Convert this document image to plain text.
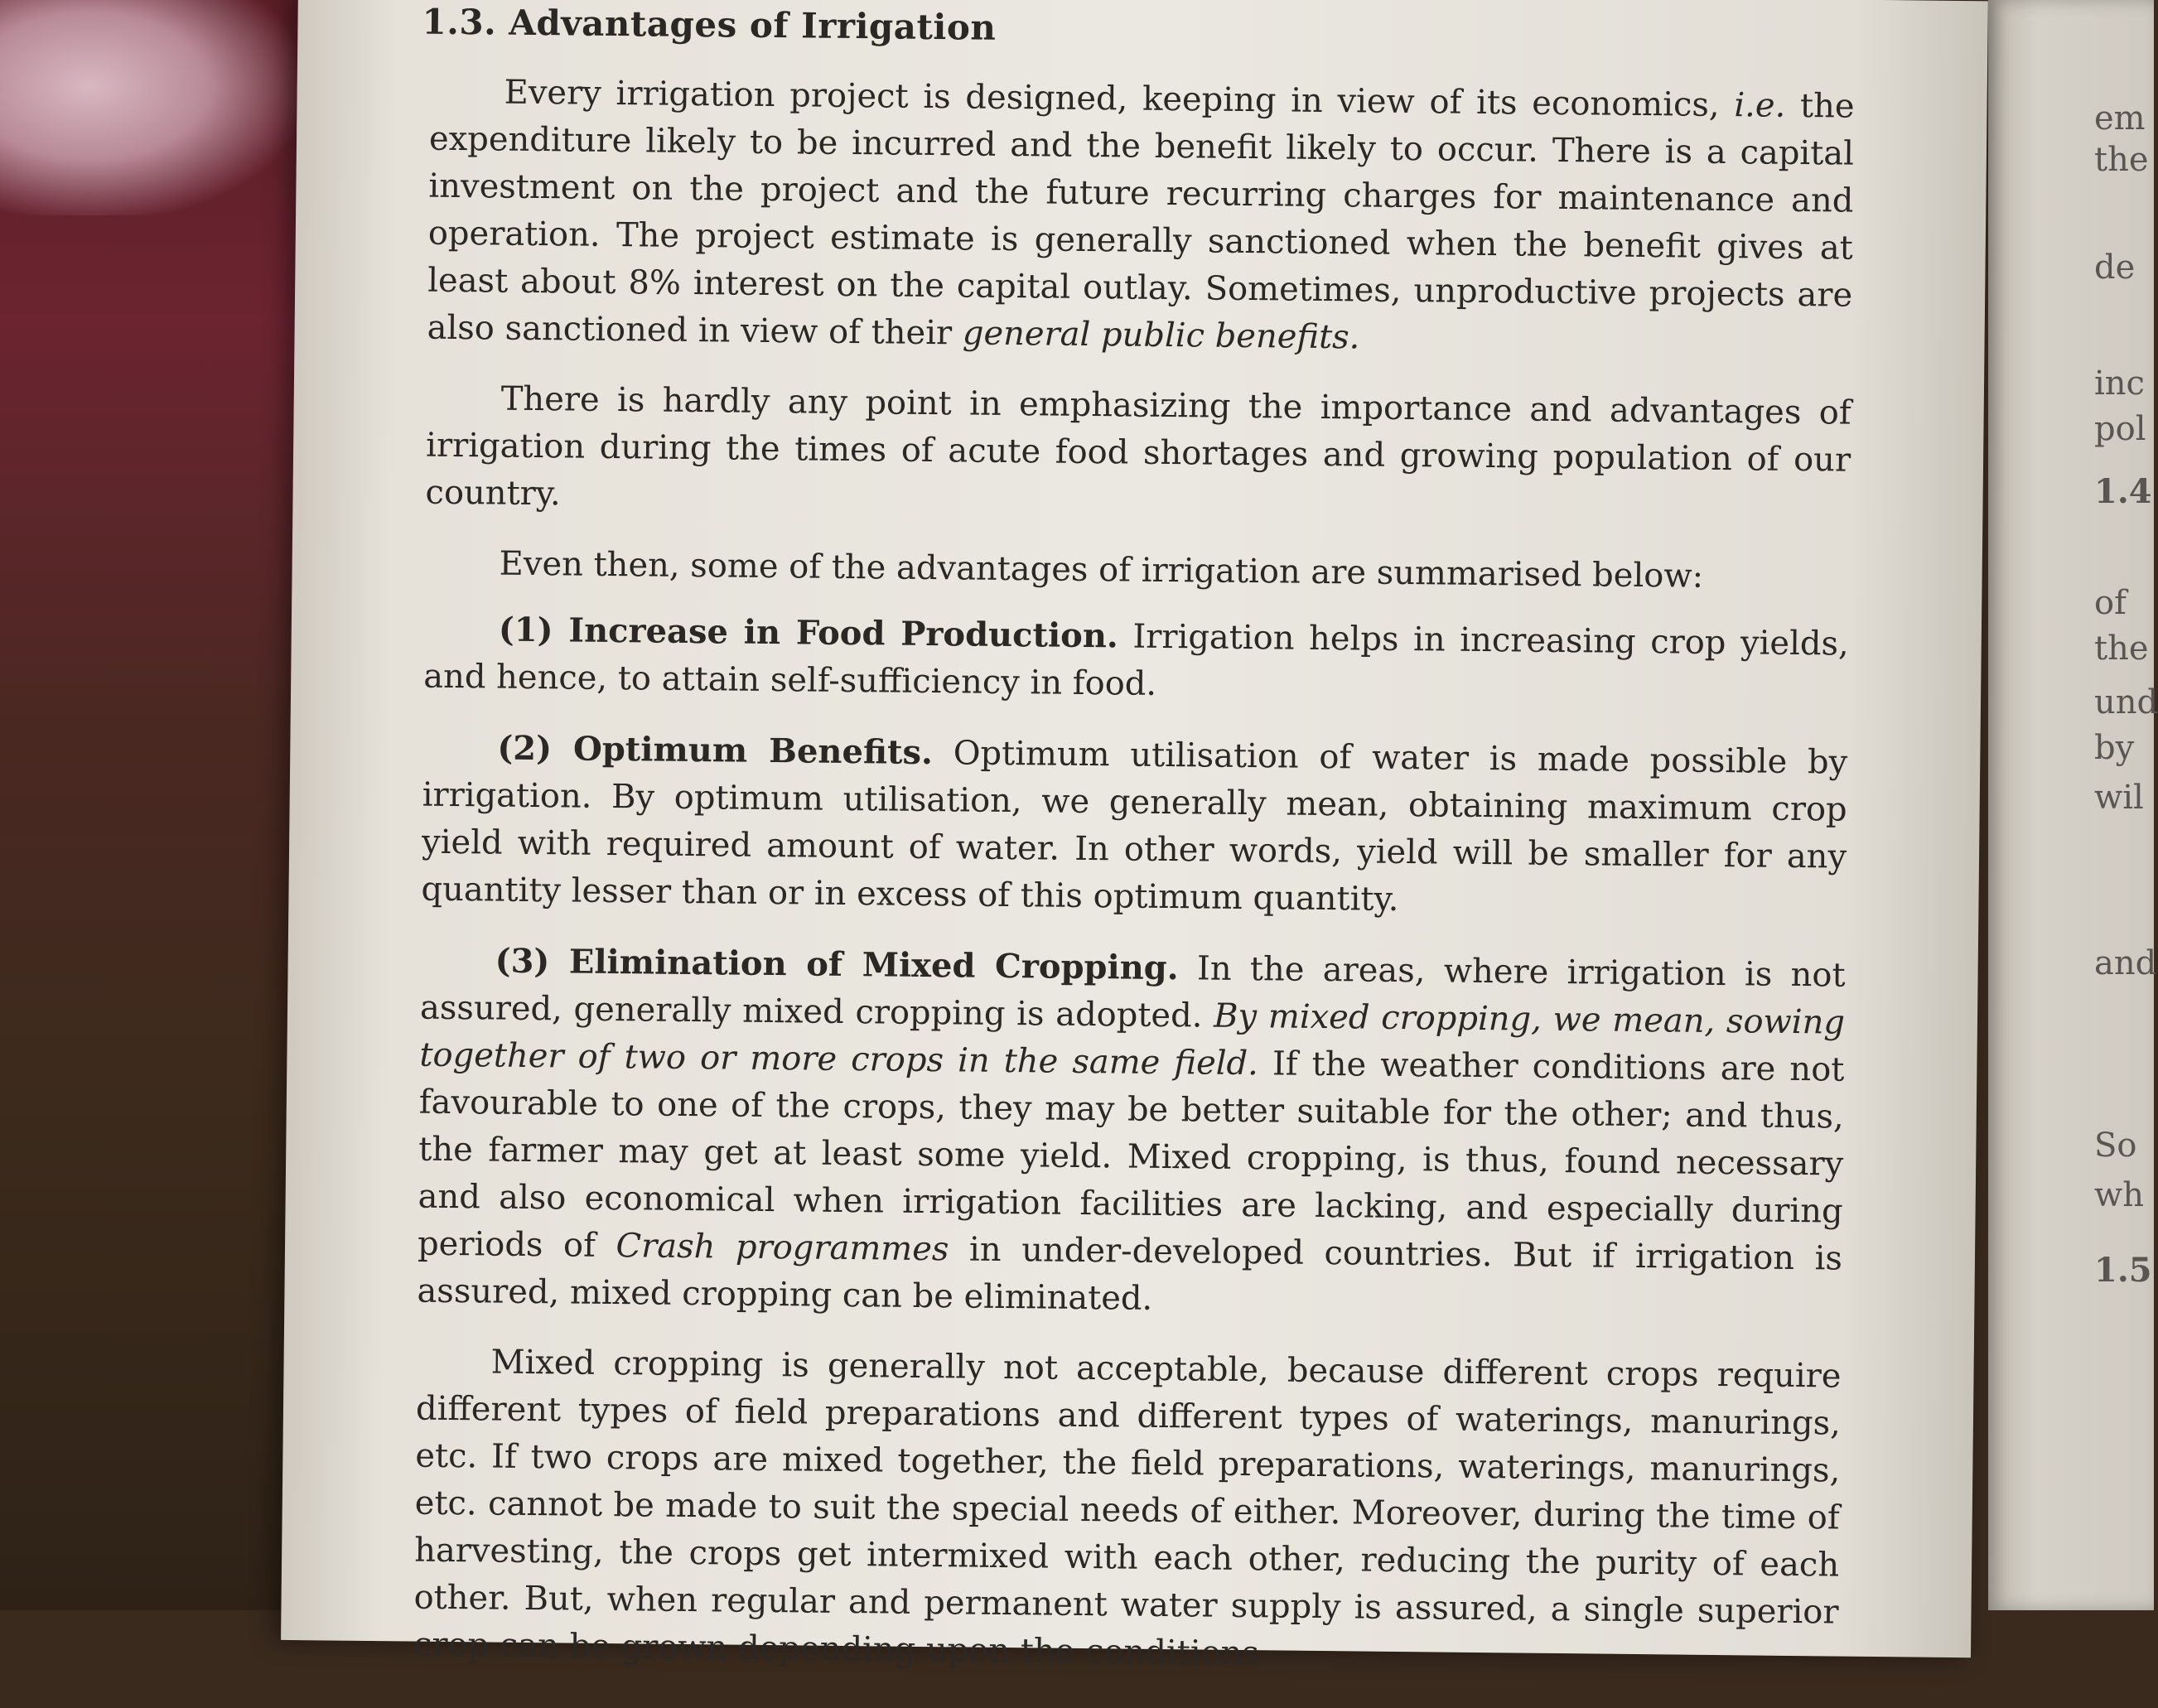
em
the
de
inc
pol
1.4
of
the
und
by
wil
and
So
wh
1.5
1.3. Advantages of Irrigation

Every irrigation project is designed, keeping in view of its economics, i.e. the expenditure likely to be incurred and the benefit likely to occur. There is a capital investment on the project and the future recurring charges for maintenance and operation. The project estimate is generally sanctioned when the benefit gives at least about 8% interest on the capital outlay. Sometimes, unproductive projects are also sanctioned in view of their general public benefits.

There is hardly any point in emphasizing the importance and advantages of irrigation during the times of acute food shortages and growing population of our country.

Even then, some of the advantages of irrigation are summarised below:

(1) Increase in Food Production. Irrigation helps in increasing crop yields, and hence, to attain self-sufficiency in food.

(2) Optimum Benefits. Optimum utilisation of water is made possible by irrigation. By optimum utilisation, we generally mean, obtaining maximum crop yield with required amount of water. In other words, yield will be smaller for any quantity lesser than or in excess of this optimum quantity.

(3) Elimination of Mixed Cropping. In the areas, where irrigation is not assured, generally mixed cropping is adopted. By mixed cropping, we mean, sowing together of two or more crops in the same field. If the weather conditions are not favourable to one of the crops, they may be better suitable for the other; and thus, the farmer may get at least some yield. Mixed cropping, is thus, found necessary and also economical when irrigation facilities are lacking, and especially during periods of Crash programmes in under-developed countries. But if irrigation is assured, mixed cropping can be eliminated.

Mixed cropping is generally not acceptable, because different crops require different types of field preparations and different types of waterings, manurings, etc. If two crops are mixed together, the field preparations, waterings, manurings, etc. cannot be made to suit the special needs of either. Moreover, during the time of harvesting, the crops get intermixed with each other, reducing the purity of each other. But, when regular and permanent water supply is assured, a single superior crop can be grown depending upon the conditions
